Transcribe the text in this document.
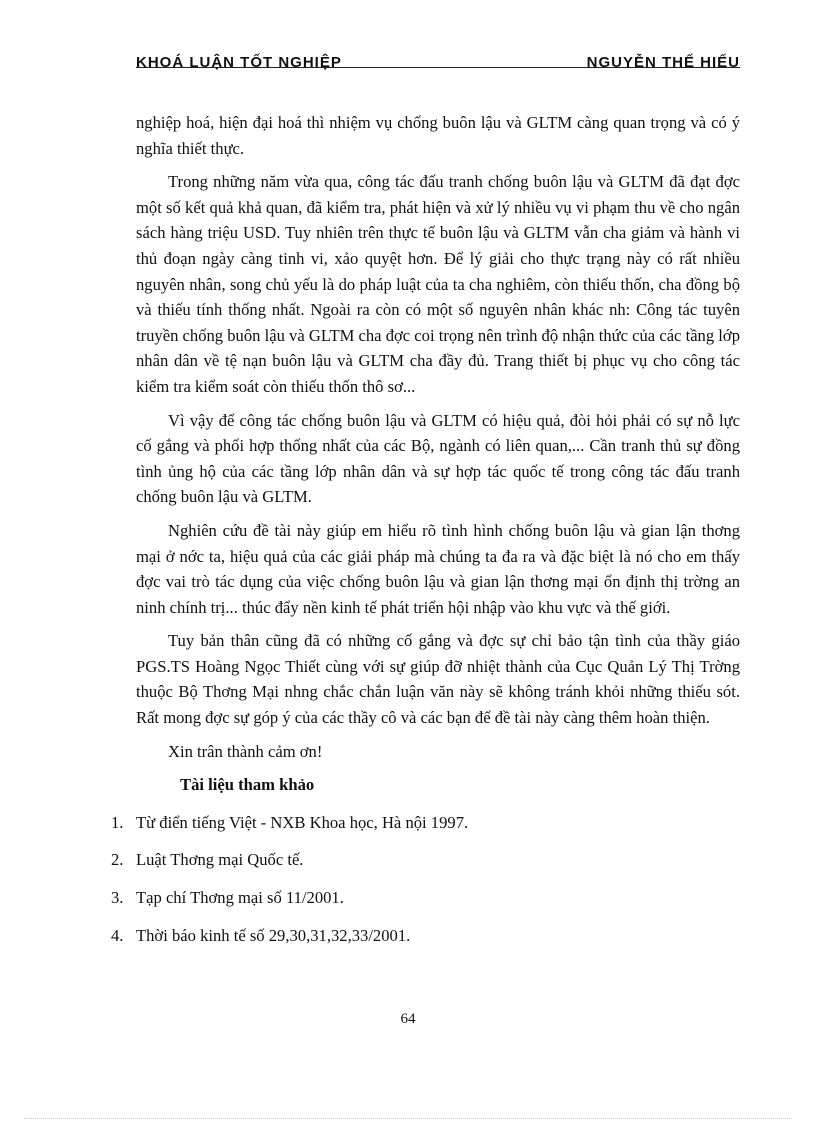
KHOÁ LUẬN TỐT NGHIỆP	NGUYỄN THẾ HIẾU

nghiệp hoá, hiện đại hoá thì nhiệm vụ chống buôn lậu và GLTM càng quan trọng và có ý nghĩa thiết thực.

Trong những năm vừa qua, công tác đấu tranh chống buôn lậu và GLTM đã đạt đợc một số kết quả khả quan, đã kiểm tra, phát hiện và xử lý nhiều vụ vi phạm thu về cho ngân sách hàng triệu USD. Tuy nhiên trên thực tế buôn lậu và GLTM vẫn cha giảm và hành vi thủ đoạn ngày càng tinh vi, xảo quyệt hơn. Để lý giải cho thực trạng này có rất nhiều nguyên nhân, song chủ yếu là do pháp luật của ta cha nghiêm, còn thiếu thốn, cha đồng bộ và thiếu tính thống nhất. Ngoài ra còn có một số nguyên nhân khác nh: Công tác tuyên truyền chống buôn lậu và GLTM cha đợc coi trọng nên trình độ nhận thức của các tầng lớp nhân dân về tệ nạn buôn lậu và GLTM cha đầy đủ. Trang thiết bị phục vụ cho công tác kiểm tra kiểm soát còn thiếu thốn thô sơ...

Vì vậy để công tác chống buôn lậu và GLTM có hiệu quả, đòi hỏi phải có sự nỗ lực cố gắng và phối hợp thống nhất của các Bộ, ngành có liên quan,... Cần tranh thủ sự đồng tình ủng hộ của các tầng lớp nhân dân và sự hợp tác quốc tế trong công tác đấu tranh chống buôn lậu và GLTM.

Nghiên cứu đề tài này giúp em hiểu rõ tình hình chống buôn lậu và gian lận thơng mại ở nớc ta, hiệu quả của các giải pháp mà chúng ta đa ra và đặc biệt là nó cho em thấy đợc vai trò tác dụng của việc chống buôn lậu và gian lận thơng mại ổn định thị trờng an ninh chính trị... thúc đẩy nền kinh tế phát triển hội nhập vào khu vực và thế giới.

Tuy bản thân cũng đã có những cố gắng và đợc sự chỉ bảo tận tình của thầy giáo PGS.TS Hoàng Ngọc Thiết cùng với sự giúp đỡ nhiệt thành của Cục Quản Lý Thị Trờng thuộc Bộ Thơng Mại nhng chắc chắn luận văn này sẽ không tránh khỏi những thiếu sót. Rất mong đợc sự góp ý của các thầy cô và các bạn để đề tài này càng thêm hoàn thiện.

Xin trân thành cảm ơn!

Tài liệu tham khảo
1. Từ điển tiếng Việt - NXB Khoa học, Hà nội 1997.
2. Luật Thơng mại Quốc tế.
3. Tạp chí Thơng mại số 11/2001.
4. Thời báo kinh tế số 29,30,31,32,33/2001.
64
